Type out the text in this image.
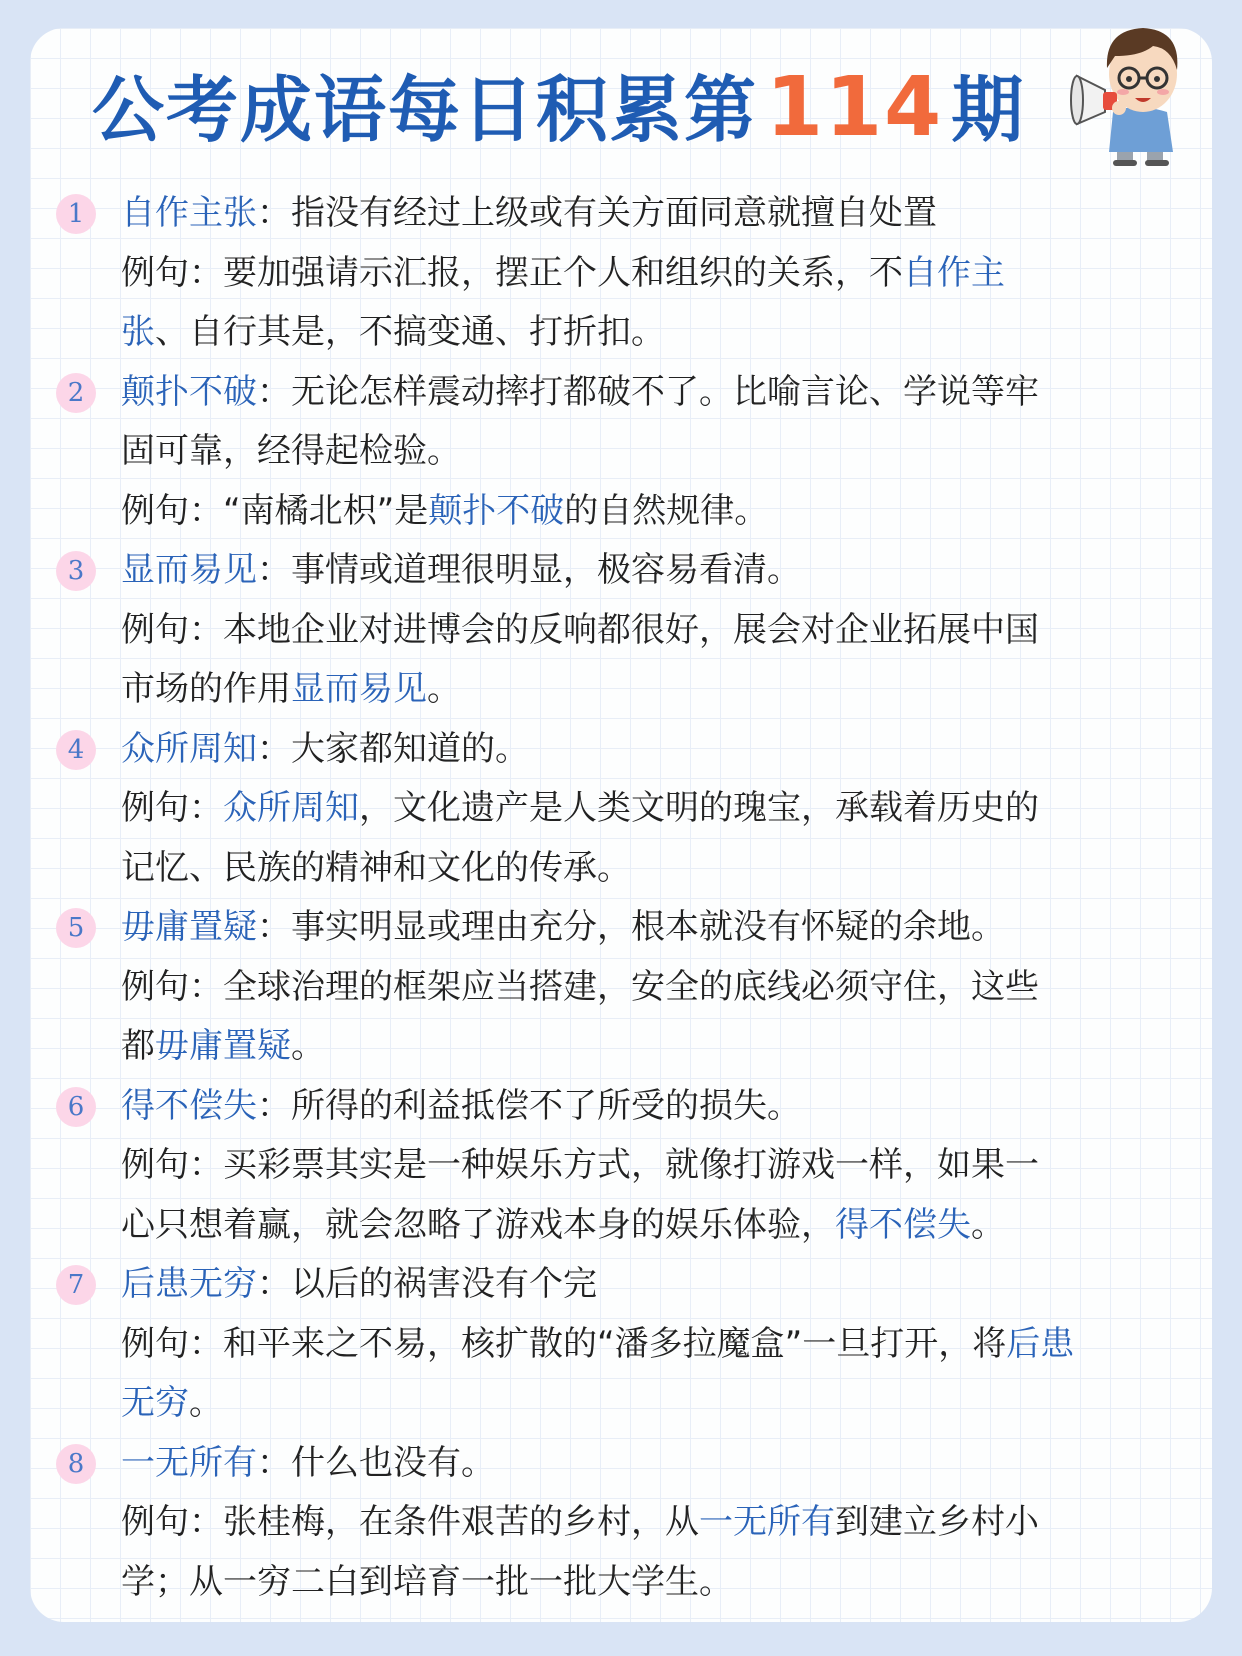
公考成语每日积累第114 期
1	自作主张：指没有经过上级或有关方面同意就擅自处置
例句：要加强请示汇报，摆正个人和组织的关系，不自作主
张、自行其是，不搞变通、打折扣。
2	颠扑不破：无论怎样震动摔打都破不了。比喻言论、学说等牢
固可靠，经得起检验。
例句：“南橘北枳”是颠扑不破的自然规律。
3	显而易见：事情或道理很明显，极容易看清。
例句：本地企业对进博会的反响都很好，展会对企业拓展中国
市场的作用显而易见。
4	众所周知：大家都知道的。
例句：众所周知，文化遗产是人类文明的瑰宝，承载着历史的
记忆、民族的精神和文化的传承。
5	毋庸置疑：事实明显或理由充分，根本就没有怀疑的余地。
例句：全球治理的框架应当搭建，安全的底线必须守住，这些
都毋庸置疑。
6	得不偿失：所得的利益抵偿不了所受的损失。
例句：买彩票其实是一种娱乐方式，就像打游戏一样，如果一
心只想着赢，就会忽略了游戏本身的娱乐体验，得不偿失。
7	后患无穷：以后的祸害没有个完
例句：和平来之不易，核扩散的“潘多拉魔盒”一旦打开，将后患
无穷。
8	一无所有：什么也没有。
例句：张桂梅，在条件艰苦的乡村，从一无所有到建立乡村小
学；从一穷二白到培育一批一批大学生。
